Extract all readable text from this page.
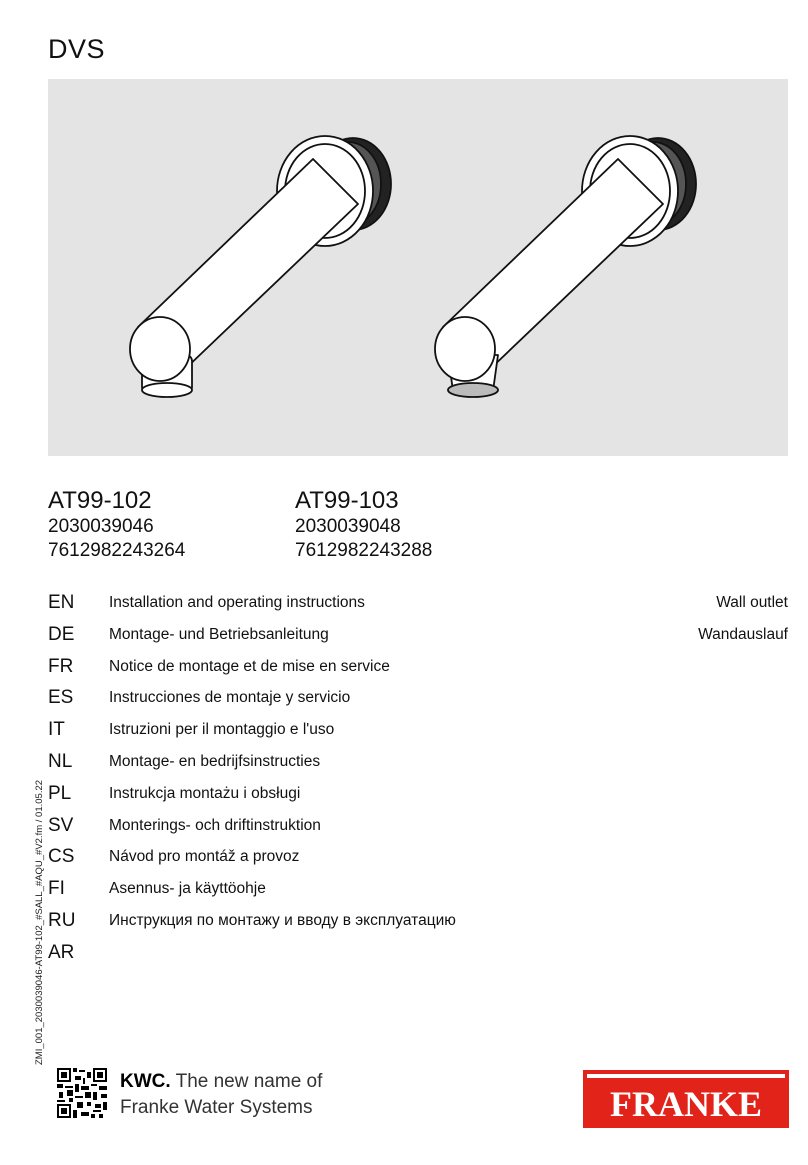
DVS
AT99-102
2030039046
7612982243264
AT99-103
2030039048
7612982243288
EN Installation and operating instructions	Wall outlet
DE Montage- und Betriebsanleitung	Wandauslauf
FR Notice de montage et de mise en service
ES Instrucciones de montaje y servicio
IT	Istruzioni per il montaggio e l'uso
NL Montage- en bedrijfsinstructies
PL Instrukcja montażu i obsługi
SV Monterings- och driftinstruktion
CS Návod pro montáž a provoz
FI	Asennus- ja käyttöohje
RU Инструкция по монтажу и вводу в эксплуатацию
AR
ZMI_001_2030039046-AT99-102_#SALL_#AQU_#V2.fm / 01.05.22
KWC. The new name of
Franke Water Systems	FRANKE
